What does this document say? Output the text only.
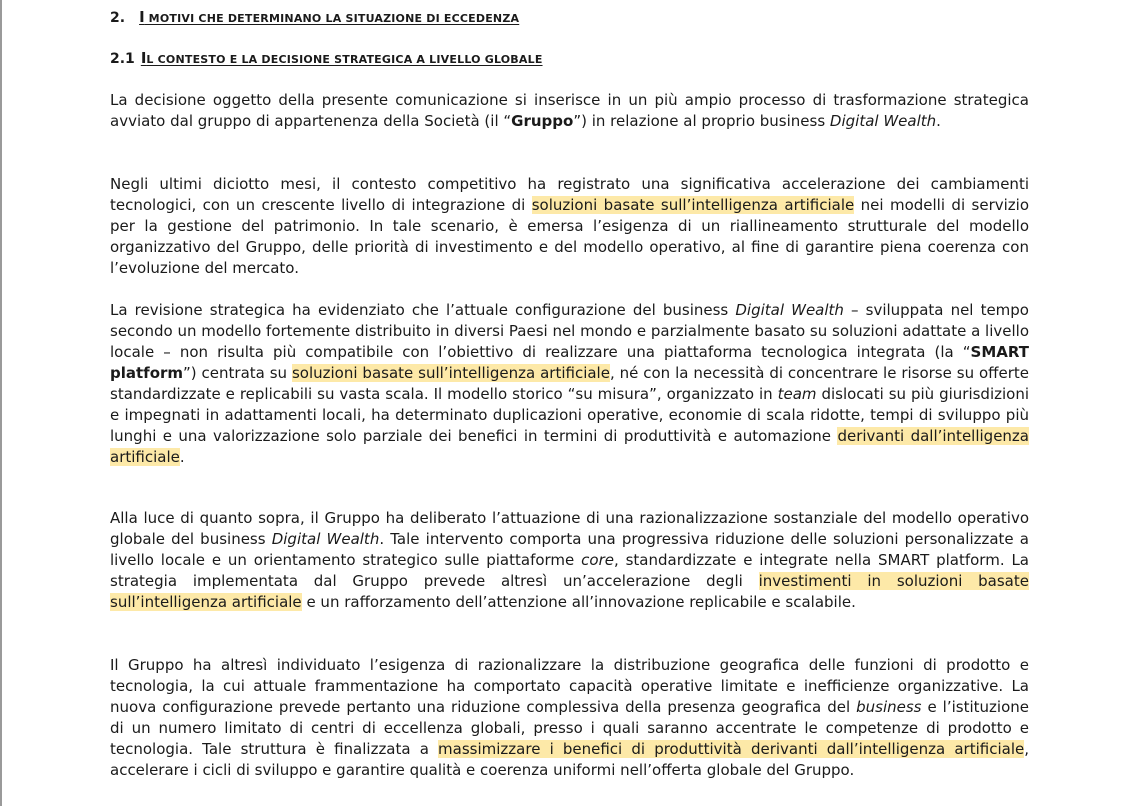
2. I MOTIVI CHE DETERMINANO LA SITUAZIONE DI ECCEDENZA
2.1 IL CONTESTO E LA DECISIONE STRATEGICA A LIVELLO GLOBALE

La decisione oggetto della presente comunicazione si inserisce in un più ampio processo di trasformazione strategica avviato dal gruppo di appartenenza della Società (il “Gruppo”) in relazione al proprio business Digital Wealth.

Negli ultimi diciotto mesi, il contesto competitivo ha registrato una significativa accelerazione dei cambiamenti tecnologici, con un crescente livello di integrazione di soluzioni basate sull’intelligenza artificiale nei modelli di servizio per la gestione del patrimonio. In tale scenario, è emersa l’esigenza di un riallineamento strutturale del modello organizzativo del Gruppo, delle priorità di investimento e del modello operativo, al fine di garantire piena coerenza con l’evoluzione del mercato.

La revisione strategica ha evidenziato che l’attuale configurazione del business Digital Wealth – sviluppata nel tempo secondo un modello fortemente distribuito in diversi Paesi nel mondo e parzialmente basato su soluzioni adattate a livello locale – non risulta più compatibile con l’obiettivo di realizzare una piattaforma tecnologica integrata (la “SMART platform”) centrata su soluzioni basate sull’intelligenza artificiale, né con la necessità di concentrare le risorse su offerte standardizzate e replicabili su vasta scala. Il modello storico “su misura”, organizzato in team dislocati su più giurisdizioni e impegnati in adattamenti locali, ha determinato duplicazioni operative, economie di scala ridotte, tempi di sviluppo più lunghi e una valorizzazione solo parziale dei benefici in termini di produttività e automazione derivanti dall’intelligenza artificiale.

Alla luce di quanto sopra, il Gruppo ha deliberato l’attuazione di una razionalizzazione sostanziale del modello operativo globale del business Digital Wealth. Tale intervento comporta una progressiva riduzione delle soluzioni personalizzate a livello locale e un orientamento strategico sulle piattaforme core, standardizzate e integrate nella SMART platform. La strategia implementata dal Gruppo prevede altresì un’accelerazione degli investimenti in soluzioni basate sull’intelligenza artificiale e un rafforzamento dell’attenzione all’innovazione replicabile e scalabile.

Il Gruppo ha altresì individuato l’esigenza di razionalizzare la distribuzione geografica delle funzioni di prodotto e tecnologia, la cui attuale frammentazione ha comportato capacità operative limitate e inefficienze organizzative. La nuova configurazione prevede pertanto una riduzione complessiva della presenza geografica del business e l’istituzione di un numero limitato di centri di eccellenza globali, presso i quali saranno accentrate le competenze di prodotto e tecnologia. Tale struttura è finalizzata a massimizzare i benefici di produttività derivanti dall’intelligenza artificiale, accelerare i cicli di sviluppo e garantire qualità e coerenza uniformi nell’offerta globale del Gruppo.
